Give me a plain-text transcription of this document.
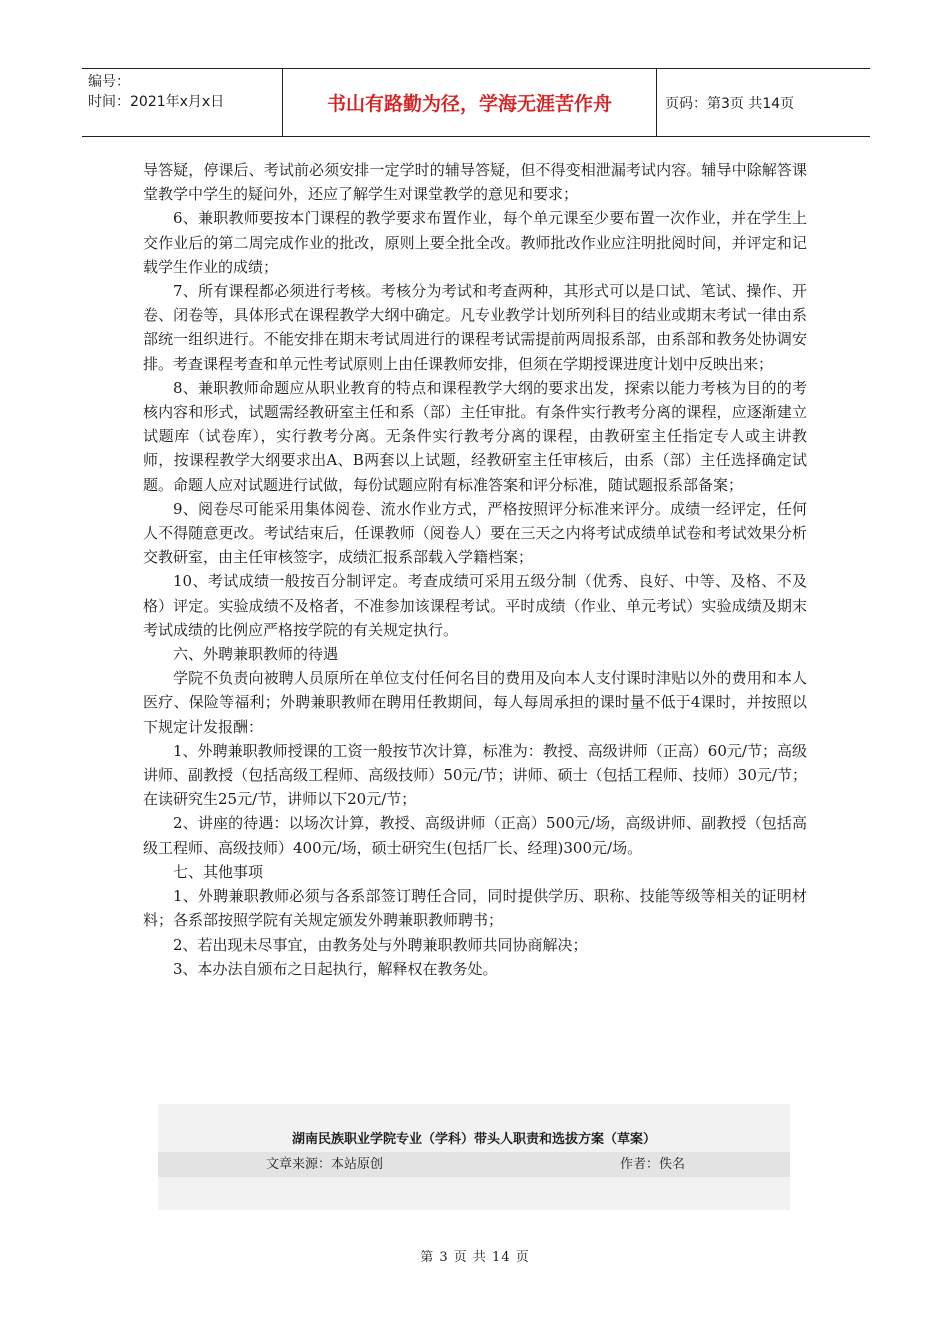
编号：
时间：2021年x月x日	书山有路勤为径，学海无涯苦作舟	页码：第3页 共14页

导答疑，停课后、考试前必须安排一定学时的辅导答疑，但不得变相泄漏考试内容。辅导中除解答课堂教学中学生的疑问外，还应了解学生对课堂教学的意见和要求；

6、兼职教师要按本门课程的教学要求布置作业，每个单元课至少要布置一次作业，并在学生上交作业后的第二周完成作业的批改，原则上要全批全改。教师批改作业应注明批阅时间，并评定和记载学生作业的成绩；

7、所有课程都必须进行考核。考核分为考试和考查两种，其形式可以是口试、笔试、操作、开卷、闭卷等，具体形式在课程教学大纲中确定。凡专业教学计划所列科目的结业或期末考试一律由系部统一组织进行。不能安排在期末考试周进行的课程考试需提前两周报系部，由系部和教务处协调安排。考查课程考查和单元性考试原则上由任课教师安排，但须在学期授课进度计划中反映出来；

8、兼职教师命题应从职业教育的特点和课程教学大纲的要求出发，探索以能力考核为目的的考核内容和形式，试题需经教研室主任和系（部）主任审批。有条件实行教考分离的课程，应逐渐建立试题库（试卷库），实行教考分离。无条件实行教考分离的课程，由教研室主任指定专人或主讲教师，按课程教学大纲要求出A、B两套以上试题，经教研室主任审核后，由系（部）主任选择确定试题。命题人应对试题进行试做，每份试题应附有标准答案和评分标准，随试题报系部备案；

9、阅卷尽可能采用集体阅卷、流水作业方式，严格按照评分标准来评分。成绩一经评定，任何人不得随意更改。考试结束后，任课教师（阅卷人）要在三天之内将考试成绩单试卷和考试效果分析交教研室，由主任审核签字，成绩汇报系部载入学籍档案；

10、考试成绩一般按百分制评定。考查成绩可采用五级分制（优秀、良好、中等、及格、不及格）评定。实验成绩不及格者，不准参加该课程考试。平时成绩（作业、单元考试）实验成绩及期末考试成绩的比例应严格按学院的有关规定执行。

六、外聘兼职教师的待遇

学院不负责向被聘人员原所在单位支付任何名目的费用及向本人支付课时津贴以外的费用和本人医疗、保险等福利；外聘兼职教师在聘用任教期间，每人每周承担的课时量不低于4课时，并按照以下规定计发报酬：

1、外聘兼职教师授课的工资一般按节次计算，标准为：教授、高级讲师（正高）60元/节；高级讲师、副教授（包括高级工程师、高级技师）50元/节；讲师、硕士（包括工程师、技师）30元/节；在读研究生25元/节，讲师以下20元/节；

2、讲座的待遇：以场次计算，教授、高级讲师（正高）500元/场，高级讲师、副教授（包括高级工程师、高级技师）400元/场，硕士研究生(包括厂长、经理)300元/场。

七、其他事项

1、外聘兼职教师必须与各系部签订聘任合同，同时提供学历、职称、技能等级等相关的证明材料；各系部按照学院有关规定颁发外聘兼职教师聘书；

2、若出现未尽事宜，由教务处与外聘兼职教师共同协商解决；

3、本办法自颁布之日起执行，解释权在教务处。

湖南民族职业学院专业（学科）带头人职责和选拔方案（草案）
文章来源：本站原创	作者：佚名
第 3 页 共 14 页
